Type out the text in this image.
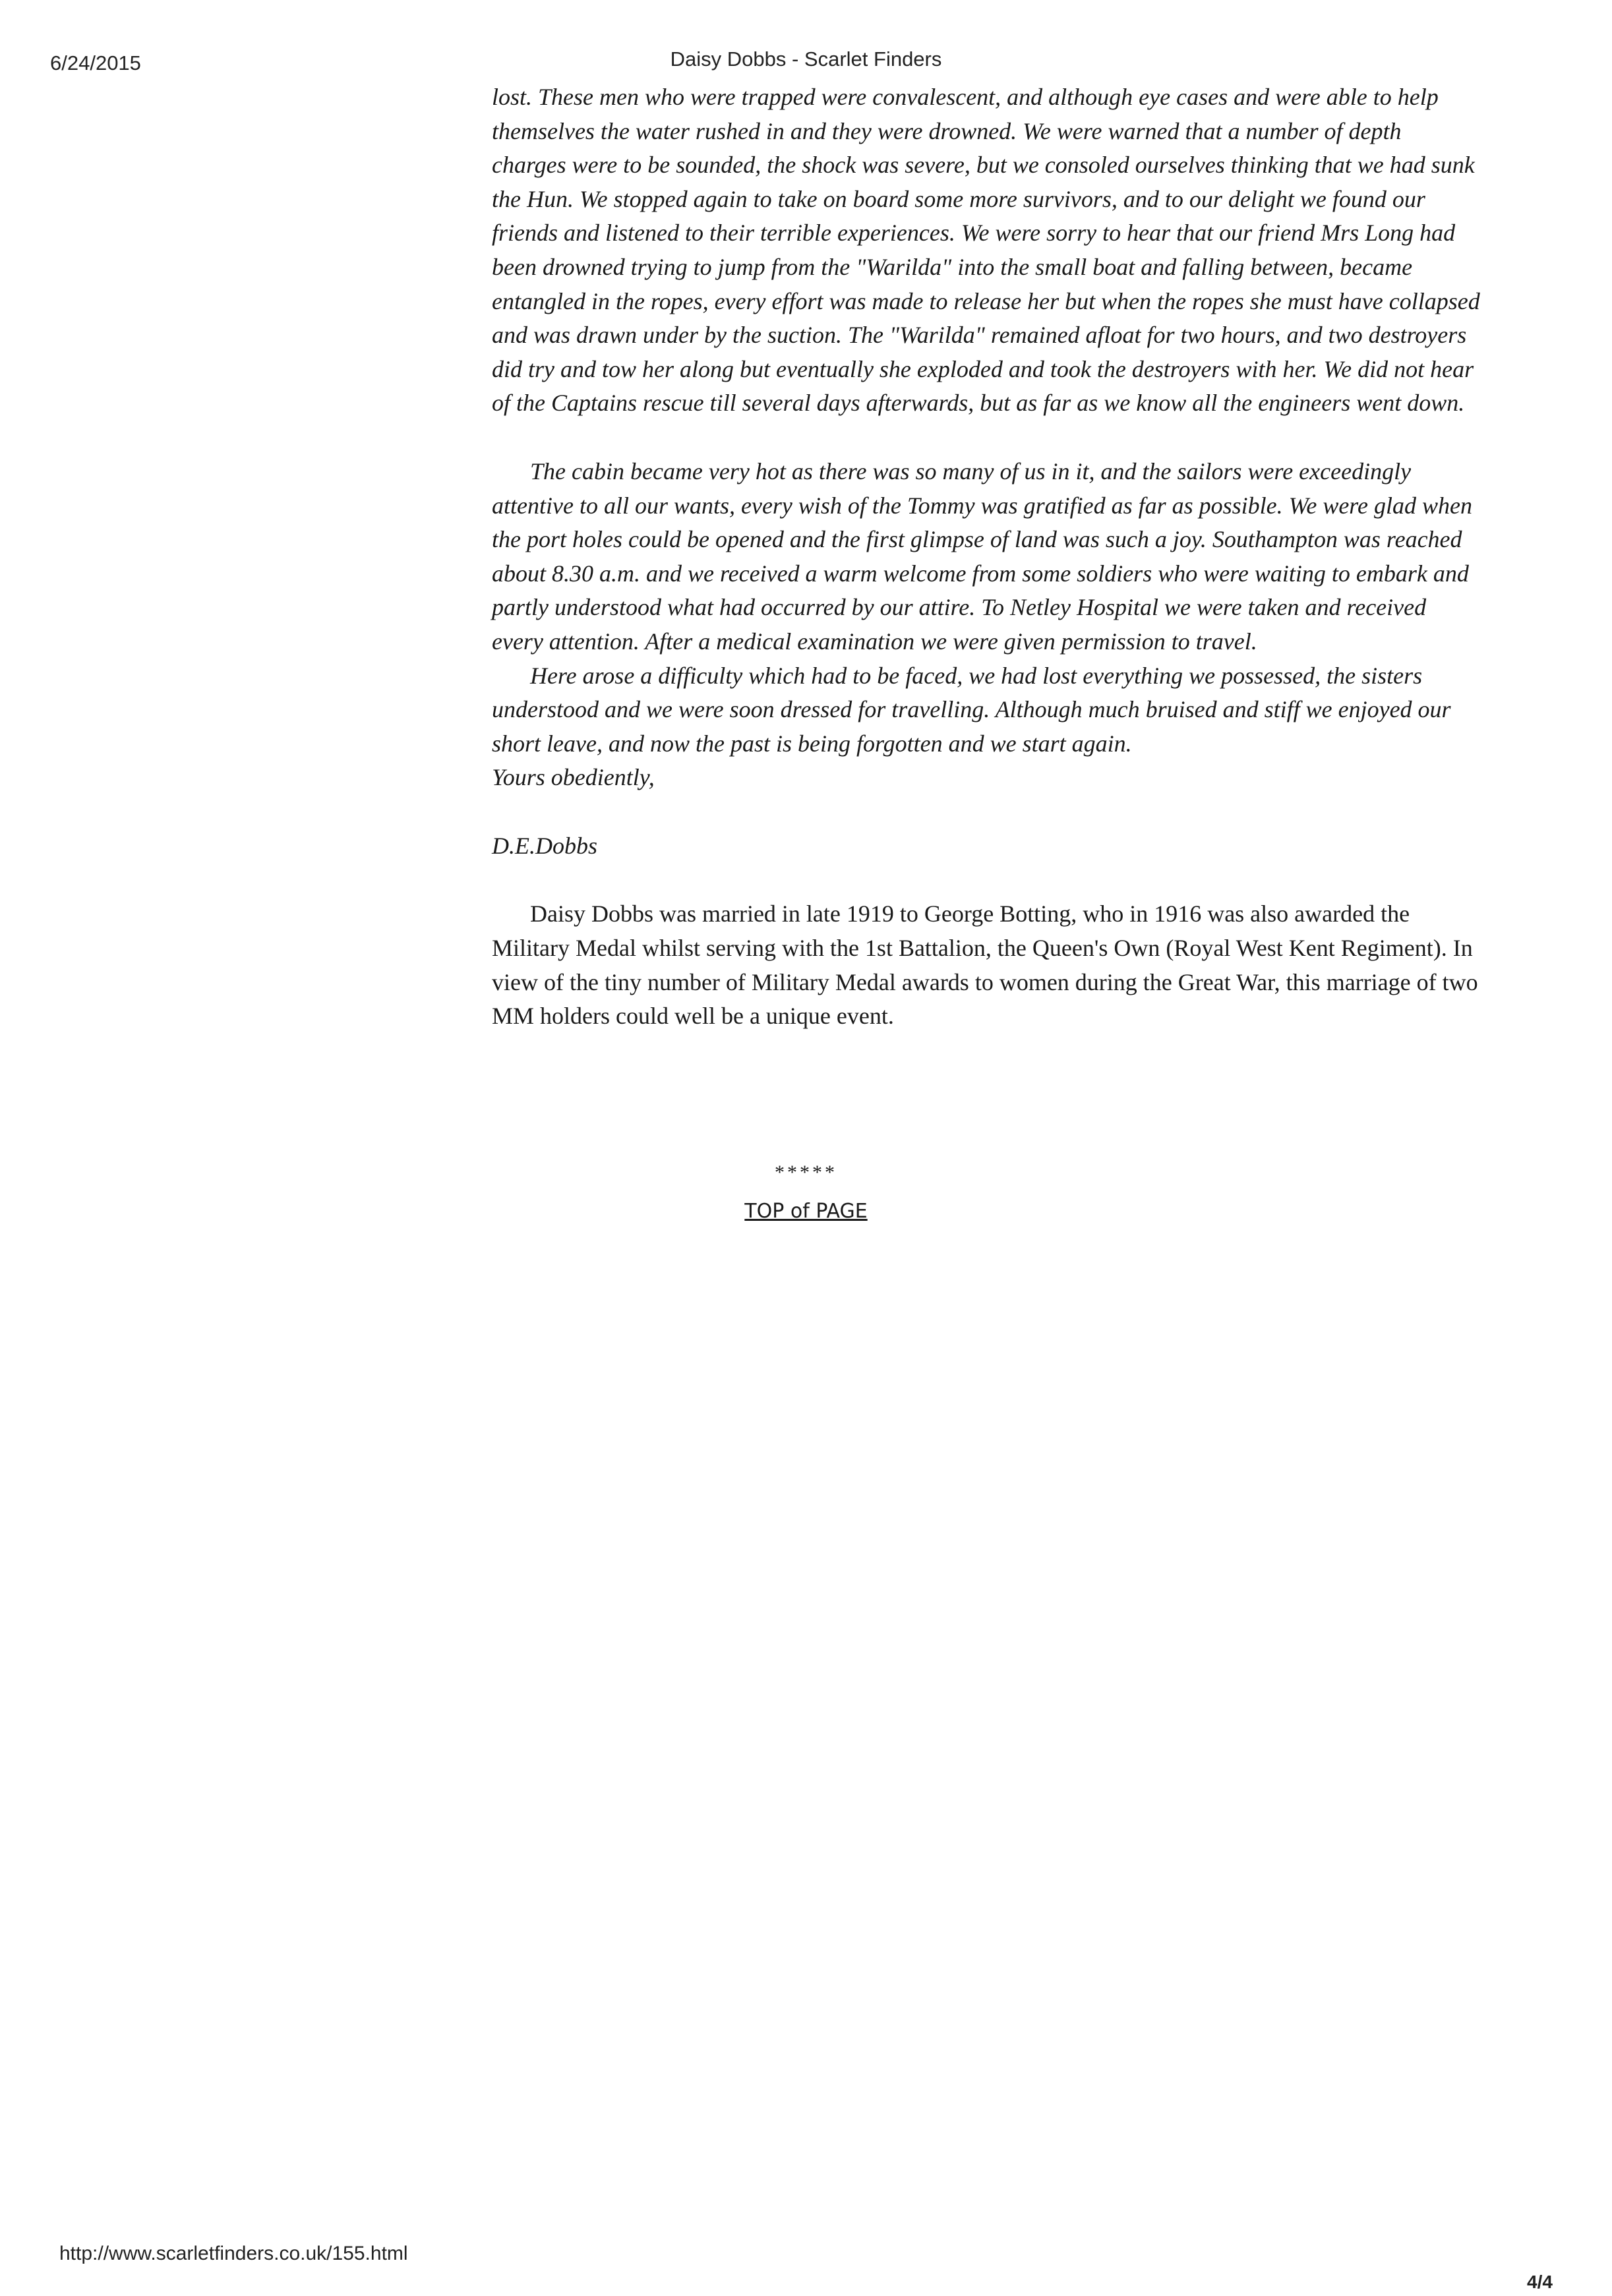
6/24/2015	Daisy Dobbs - Scarlet Finders

lost. These men who were trapped were convalescent, and although eye cases and were able to help themselves the water rushed in and they were drowned. We were warned that a number of depth charges were to be sounded, the shock was severe, but we consoled ourselves thinking that we had sunk the Hun. We stopped again to take on board some more survivors, and to our delight we found our friends and listened to their terrible experiences. We were sorry to hear that our friend Mrs Long had been drowned trying to jump from the "Warilda" into the small boat and falling between, became entangled in the ropes, every effort was made to release her but when the ropes she must have collapsed and was drawn under by the suction. The "Warilda" remained afloat for two hours, and two destroyers did try and tow her along but eventually she exploded and took the destroyers with her. We did not hear of the Captains rescue till several days afterwards, but as far as we know all the engineers went down.

The cabin became very hot as there was so many of us in it, and the sailors were exceedingly attentive to all our wants, every wish of the Tommy was gratified as far as possible. We were glad when the port holes could be opened and the first glimpse of land was such a joy. Southampton was reached about 8.30 a.m. and we received a warm welcome from some soldiers who were waiting to embark and partly understood what had occurred by our attire. To Netley Hospital we were taken and received every attention. After a medical examination we were given permission to travel.

Here arose a difficulty which had to be faced, we had lost everything we possessed, the sisters understood and we were soon dressed for travelling. Although much bruised and stiff we enjoyed our short leave, and now the past is being forgotten and we start again.

Yours obediently,

D.E.Dobbs

Daisy Dobbs was married in late 1919 to George Botting, who in 1916 was also awarded the Military Medal whilst serving with the 1st Battalion, the Queen's Own (Royal West Kent Regiment). In view of the tiny number of Military Medal awards to women during the Great War, this marriage of two MM holders could well be a unique event.

*****
TOP of PAGE
http://www.scarletfinders.co.uk/155.html
4/4
